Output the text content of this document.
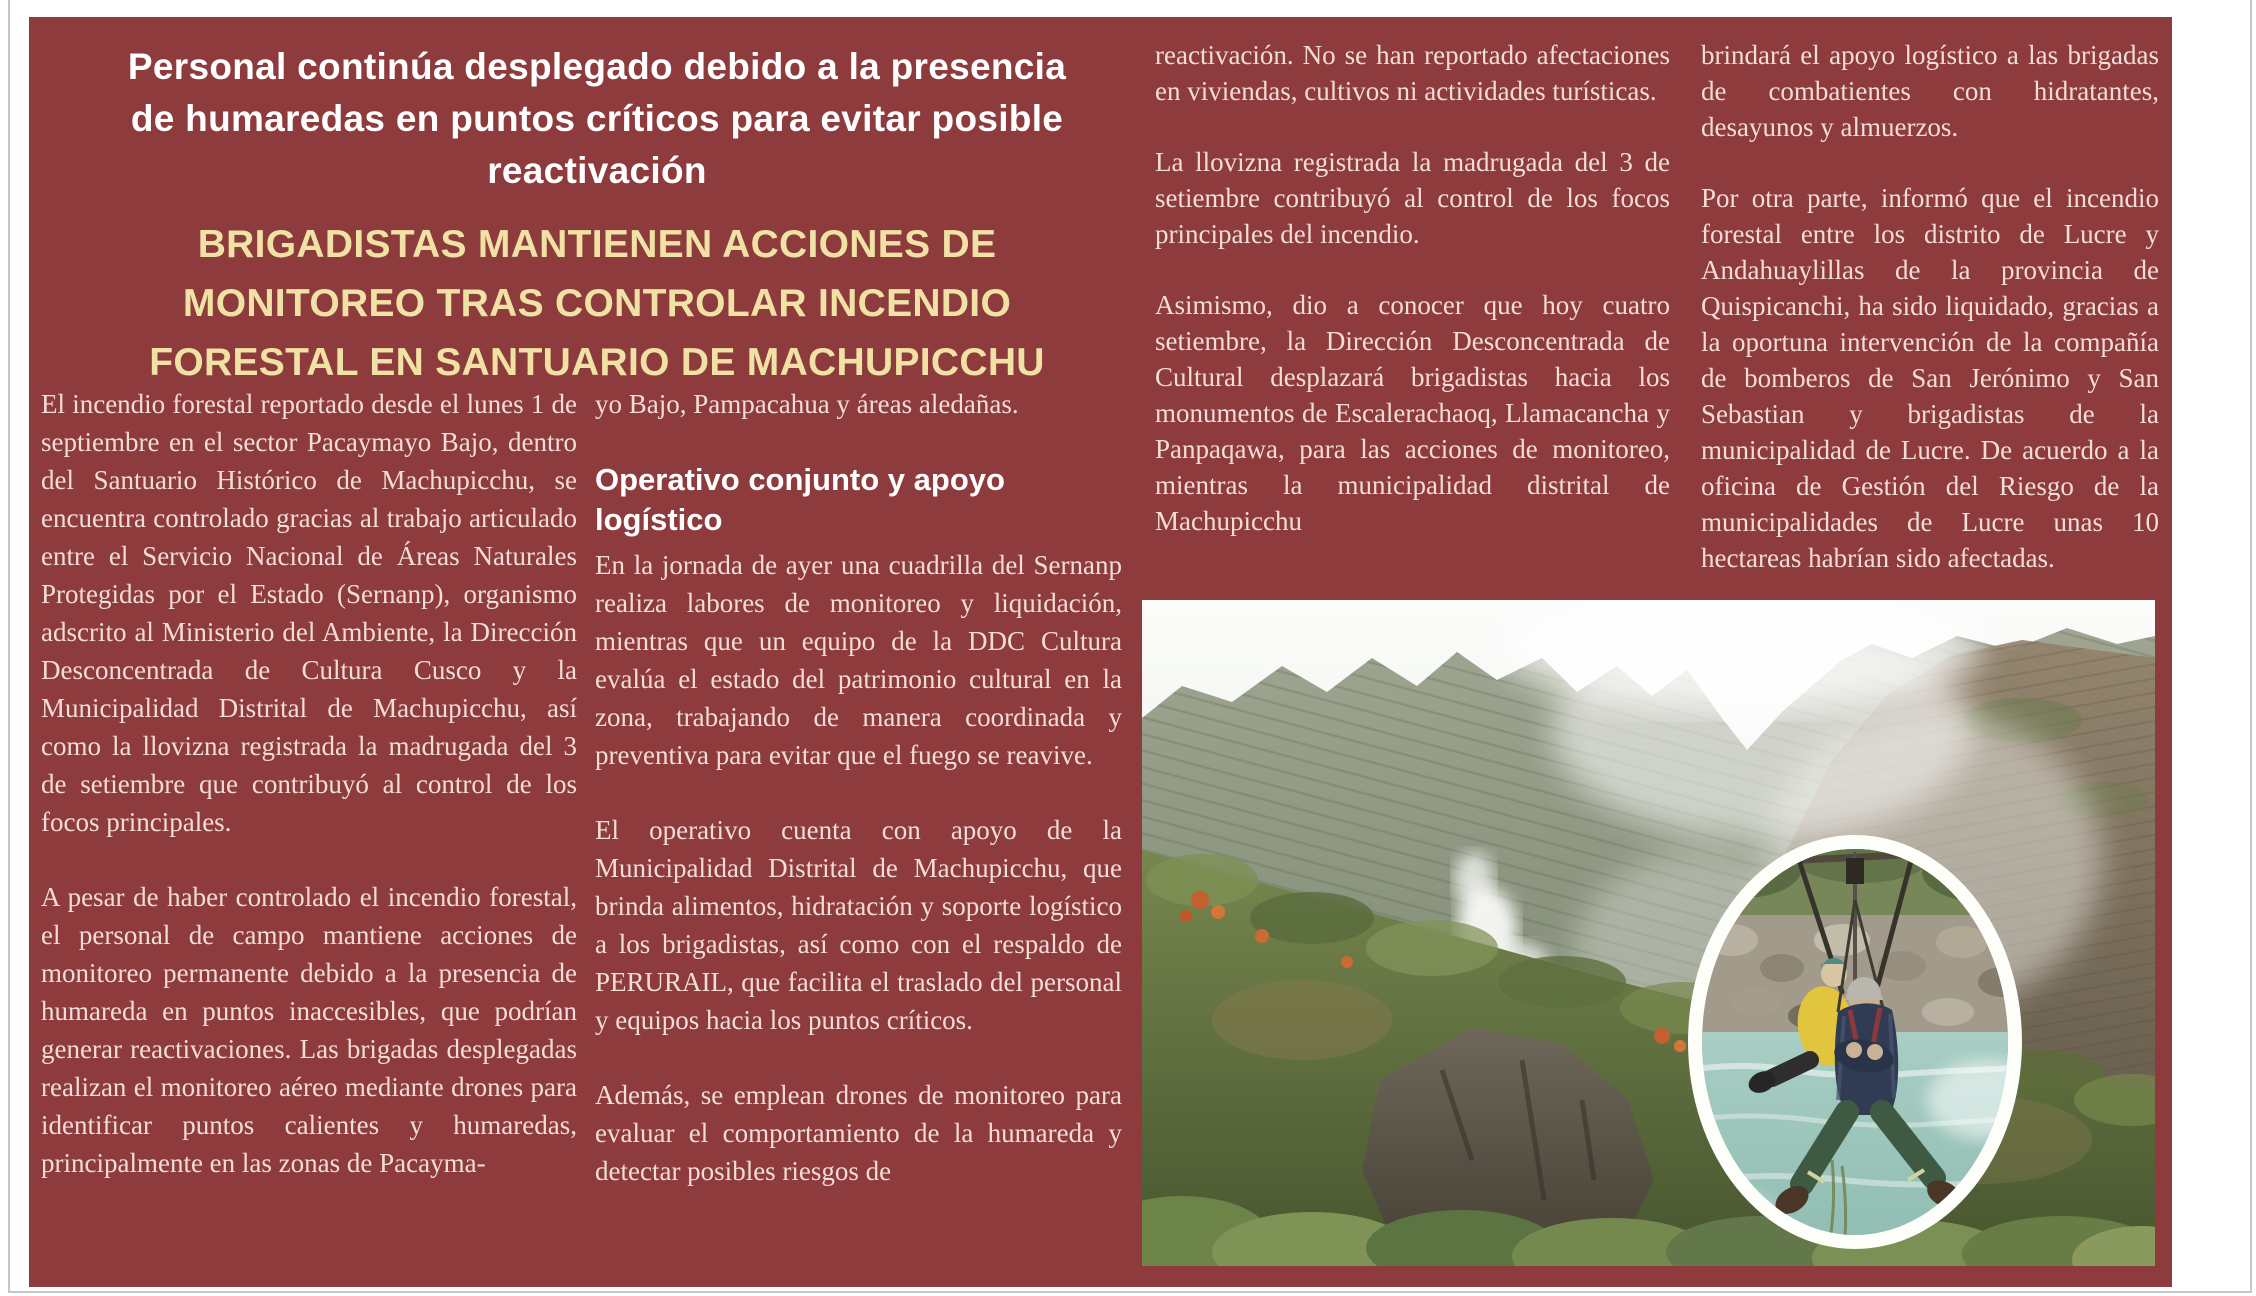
Personal continúa desplegado debido a la presencia
de humaredas en puntos críticos para evitar posible
reactivación
BRIGADISTAS MANTIENEN ACCIONES DE
MONITOREO TRAS CONTROLAR INCENDIO
FORESTAL EN SANTUARIO DE MACHUPICCHU

El incendio forestal reportado desde el lunes 1 de septiembre en el sector Pacaymayo Bajo, dentro del Santuario Histórico de Machupicchu, se encuentra controlado gracias al trabajo articulado entre el Servicio Nacional de Áreas Naturales Protegidas por el Estado (Sernanp), organismo adscrito al Ministerio del Ambiente, la Dirección Desconcentrada de Cultura Cusco y la Municipalidad Distrital de Machupicchu, así como la llovizna registrada la madrugada del 3 de setiembre que contribuyó al control de los focos principales.

A pesar de haber controlado el incendio forestal, el personal de campo mantiene acciones de monitoreo permanente debido a la presencia de humareda en puntos inaccesibles, que podrían generar reactivaciones. Las brigadas desplegadas realizan el monitoreo aéreo mediante drones para identificar puntos calientes y humaredas, principalmente en las zonas de Pacayma-

yo Bajo, Pampacahua y áreas aledañas.

Operativo conjunto y apoyo logístico

En la jornada de ayer una cuadrilla del Sernanp realiza labores de monitoreo y liquidación, mientras que un equipo de la DDC Cultura evalúa el estado del patrimonio cultural en la zona, trabajando de manera coordinada y preventiva para evitar que el fuego se reavive.

El operativo cuenta con apoyo de la Municipalidad Distrital de Machupicchu, que brinda alimentos, hidratación y soporte logístico a los brigadistas, así como con el respaldo de PERURAIL, que facilita el traslado del personal y equipos hacia los puntos críticos.

Además, se emplean drones de monitoreo para evaluar el comportamiento de la humareda y detectar posibles riesgos de

reactivación. No se han reportado afectaciones en viviendas, cultivos ni actividades turísticas.

La llovizna registrada la madrugada del 3 de setiembre contribuyó al control de los focos principales del incendio.

Asimismo, dio a conocer que hoy cuatro setiembre, la Dirección Desconcentrada de Cultural desplazará brigadistas hacia los monumentos de Escalerachaoq, Llamacancha y Panpaqawa, para las acciones de monitoreo, mientras la municipalidad distrital de Machupicchu

brindará el apoyo logístico a las brigadas de combatientes con hidratantes, desayunos y almuerzos.

Por otra parte, informó que el incendio forestal entre los distrito de Lucre y Andahuaylillas de la provincia de Quispicanchi, ha sido liquidado, gracias a la oportuna intervención de la compañía de bomberos de San Jerónimo y San Sebastian y brigadistas de la municipalidad de Lucre. De acuerdo a la oficina de Gestión del Riesgo de la municipalidades de Lucre unas 10 hectareas habrían sido afectadas.
